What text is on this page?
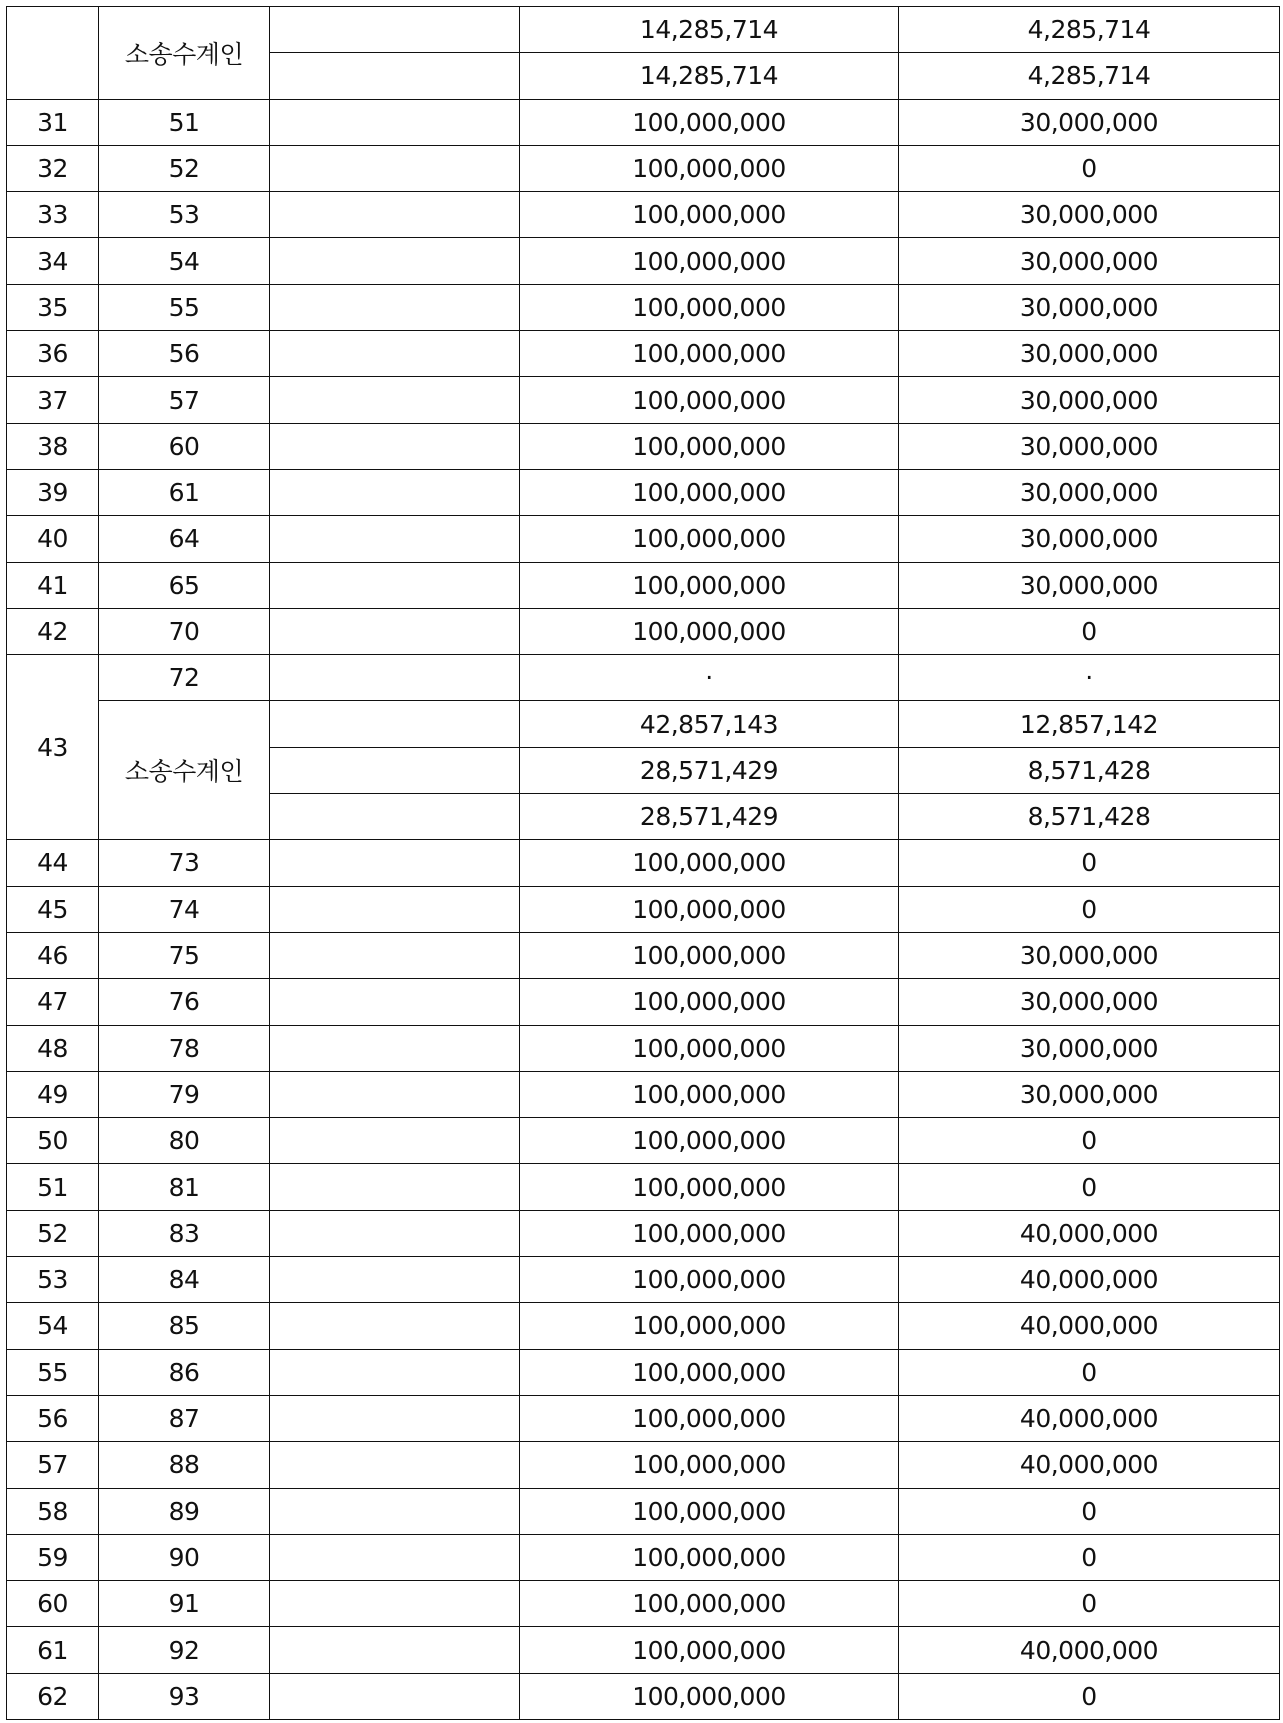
	소송수계인		14,285,714	4,285,714
			14,285,714	4,285,714
31	51		100,000,000	30,000,000
32	52		100,000,000	0
33	53		100,000,000	30,000,000
34	54		100,000,000	30,000,000
35	55		100,000,000	30,000,000
36	56		100,000,000	30,000,000
37	57		100,000,000	30,000,000
38	60		100,000,000	30,000,000
39	61		100,000,000	30,000,000
40	64		100,000,000	30,000,000
41	65		100,000,000	30,000,000
42	70		100,000,000	0
43	72		·	·
	소송수계인		42,857,143	12,857,142
			28,571,429	8,571,428
			28,571,429	8,571,428
44	73		100,000,000	0
45	74		100,000,000	0
46	75		100,000,000	30,000,000
47	76		100,000,000	30,000,000
48	78		100,000,000	30,000,000
49	79		100,000,000	30,000,000
50	80		100,000,000	0
51	81		100,000,000	0
52	83		100,000,000	40,000,000
53	84		100,000,000	40,000,000
54	85		100,000,000	40,000,000
55	86		100,000,000	0
56	87		100,000,000	40,000,000
57	88		100,000,000	40,000,000
58	89		100,000,000	0
59	90		100,000,000	0
60	91		100,000,000	0
61	92		100,000,000	40,000,000
62	93		100,000,000	0
